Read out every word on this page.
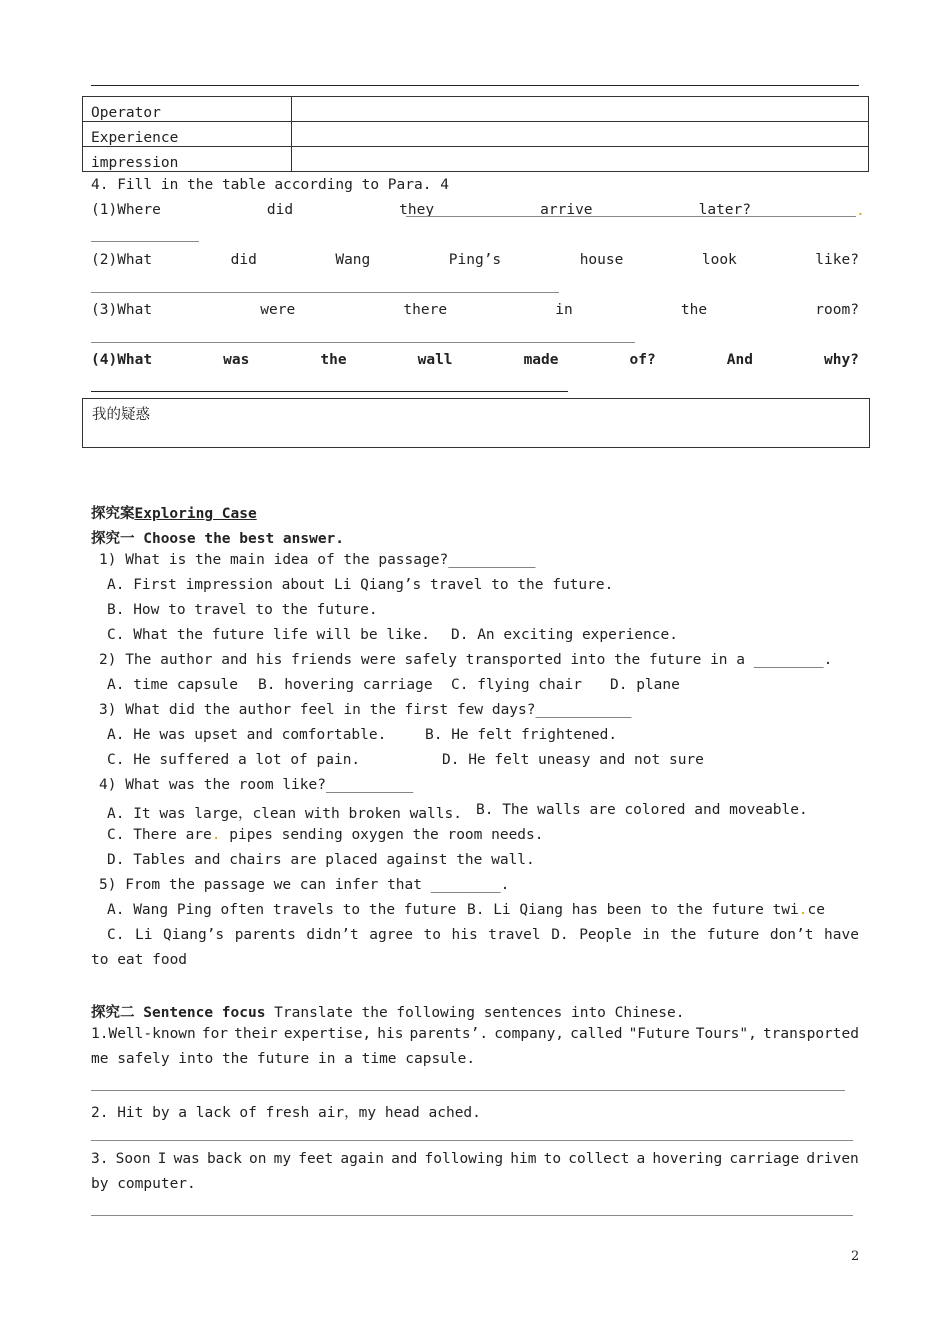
Operator	
Experience	
impression	
4. Fill in the table according to Para. 4
(1)Where	did	they	arrive	later?	.
(2)What	did	Wang	Ping’s	house	look	like?
(3)What	were	there	in	the	room?
(4)What	was	the	wall	made	of?	And	why?
我的疑惑
探究案Exploring Case
探究一 Choose the best answer.
1) What is the main idea of the passage?__________
A. First impression about Li Qiang’s travel to the future.
B. How to travel to the future.
C. What the future life will be like. D. An exciting experience.
2) The author and his friends were safely transported into the future in a ________.
A. time capsule B. hovering carriage C. flying chair D. plane
3) What did the author feel in the first few days?___________
A. He was upset and comfortable.	B. He felt frightened.
C. He suffered a lot of pain.	D. He felt uneasy and not sure
4) What was the room like?__________
A. It was large，clean with broken walls. B. The walls are colored and moveable.
C. There are. pipes sending oxygen the room needs.
D. Tables and chairs are placed against the wall.
5) From the passage we can infer that ________.
A. Wang Ping often travels to the future B. Li Qiang has been to the future twi.ce
C. Li Qiang’s parents didn’t agree to his travel D. People in the future don’t have
to eat food
探究二 Sentence focus Translate the following sentences into Chinese.
1.Well-known for their expertise, his parents’. company, called "Future Tours", transported
me safely into the future in a time capsule.
2. Hit by a lack of fresh air，my head ached.
3. Soon I was back on my feet again and following him to collect a hovering carriage driven
by computer.
2
